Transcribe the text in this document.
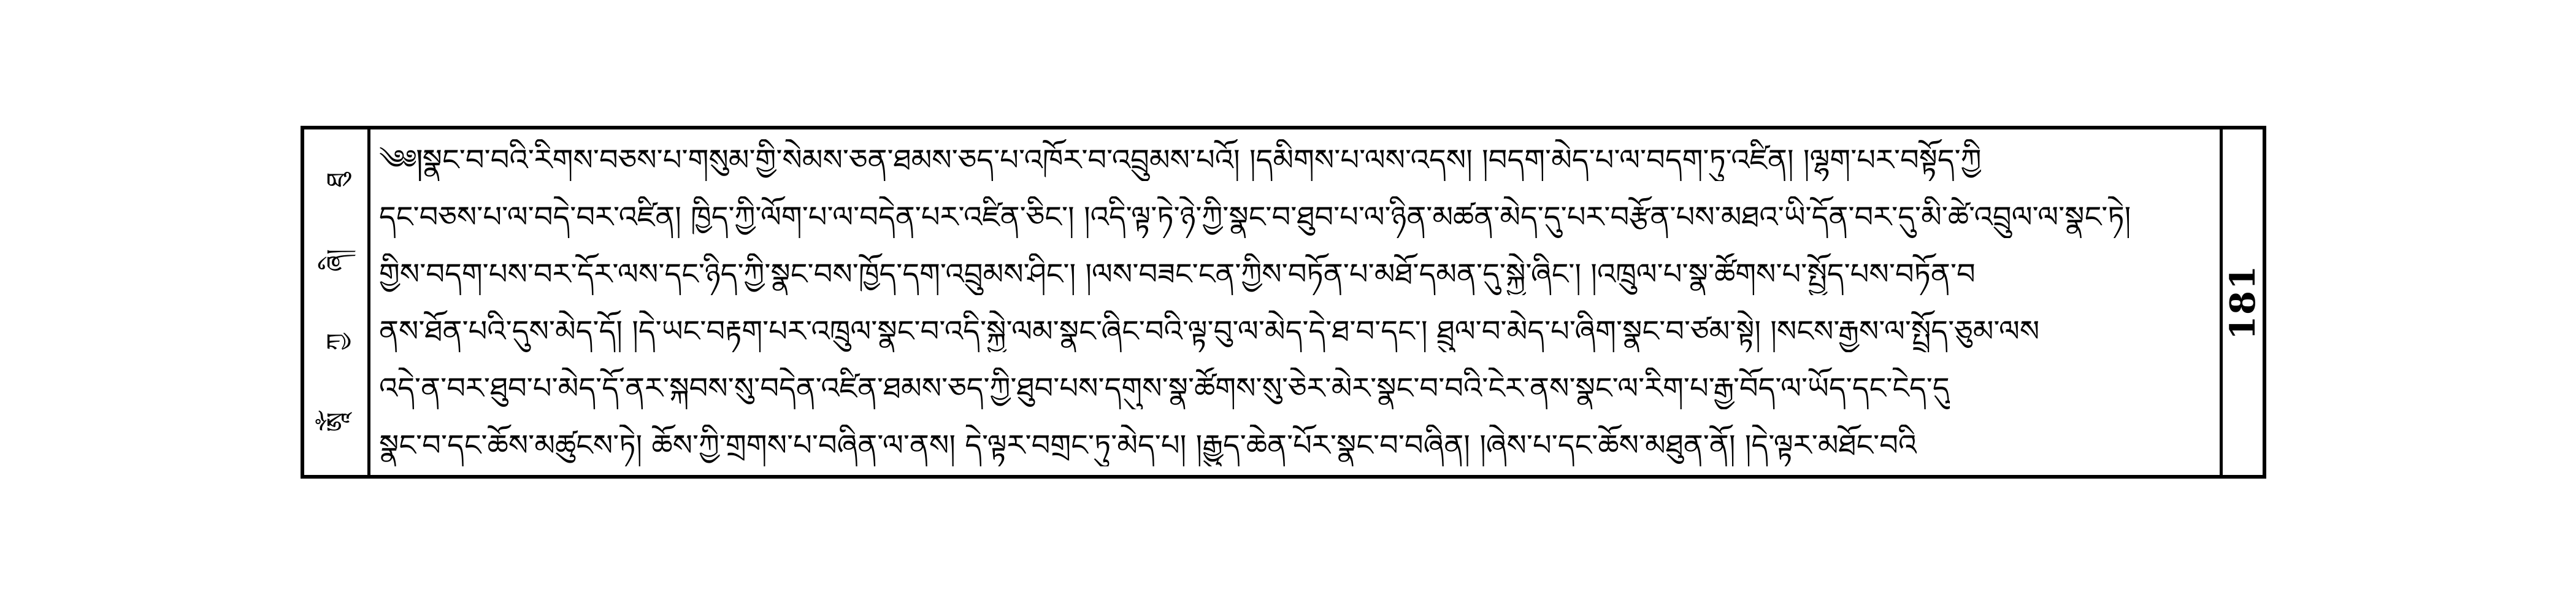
ཐུ
ཞི།
ཀྱ
ཨཱོཾ
༄༅།
།སྣང་བ་བའི་རིགས་བཅས་པ་གསུམ་གྱི་སེམས་ཅན་ཐམས་ཅད་པ་འཁོར་བ་འབྲུམས་པའོ། །དམིགས་པ་ལས་འདས། །བདག་མེད་པ་ལ་བདག་ཏུ་འཛིན། །ལྷག་པར་བསྟོད་ཀྱི
དང་བཅས་པ་ལ་བདེ་བར་འཛིན། ཁྱིད་ཀྱི་ལོག་པ་ལ་བདེན་པར་འཛིན་ཅིང་། །འདི་ལྟ་ཏེ་ཉེ་ཀྱི་སྣང་བ་ཐུབ་པ་ལ་ཉིན་མཚན་མེད་དུ་པར་བརྩོན་པས་མཐའ་ཡི་དོན་བར་དུ་མི་ཚེ་འབྲུལ་ལ་སྣང་ཏེ།
གྱིས་བདག་པས་བར་དོར་ལས་དང་ཉིད་ཀྱི་སྣང་བས་ཁྱོད་དག་འབྲུམས་ཤིང་། །ལས་བཟང་ངན་ཀྱིས་བཏོན་པ་མཐོ་དམན་དུ་སྐྱེ་ཞིང་། །འཁྲུལ་པ་སྣ་ཚོགས་པ་སྤྱོད་པས་བཏོན་བ
ནས་ཐོན་པའི་དུས་མེད་དོ། །དེ་ཡང་བརྟག་པར་འཁྲུལ་སྣང་བ་འདི་སྐྱེ་ལམ་སྣང་ཞིང་བའི་ལྟ་བུ་ལ་མེད་དེ་ཐ་བ་དང་། ཐྲུལ་བ་མེད་པ་ཞིག་སྣང་བ་ཙམ་སྟེ། །སངས་རྒྱས་ལ་སྤྲོད་ཅུམ་ལས
འདེ་ན་བར་ཐུབ་པ་མེད་དོ་ནར་སྐབས་སུ་བདེན་འཛིན་ཐམས་ཅད་ཀྱི་ཐུབ་པས་དགུས་སྣ་ཚོགས་སུ་ཅེར་མེར་སྣང་བ་བའི་ངེར་ནས་སྣང་ལ་རིག་པ་རྒྱ་བོད་ལ་ཡོད་དང་ངེད་དུ
སྣང་བ་དང་ཆོས་མཚུངས་ཏེ། ཆོས་ཀྱི་གྲགས་པ་བཞིན་ལ་ནས། དེ་ལྟར་བགྲང་ཏུ་མེད་པ། །རྒྱུད་ཆེན་པོར་སྣང་བ་བཞིན། །ཞེས་པ་དང་ཆོས་མཐུན་ནོ། །དེ་ལྟར་མཐོང་བའི
181
